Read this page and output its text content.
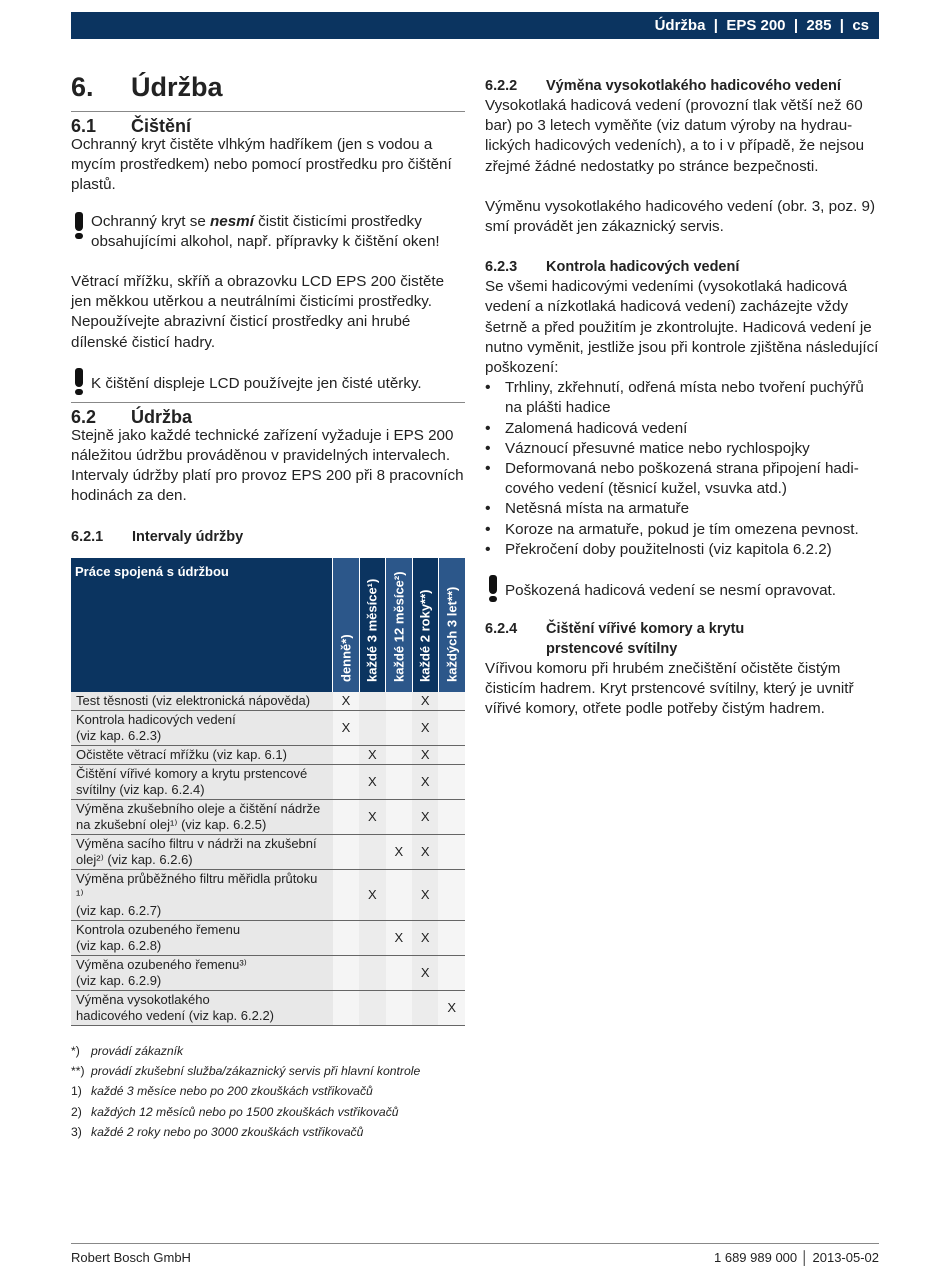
Údržba | EPS 200 | 285 | cs
6.	Údržba
6.1	Čištění

Ochranný kryt čistěte vlhkým hadříkem (jen s vodou a mycím prostředkem) nebo pomocí prostředku pro čištění plastů.

Ochranný kryt se nesmí čistit čisticími prostředky obsahujícími alkohol, např. přípravky k čištění oken!

Větrací mřížku, skříň a obrazovku LCD EPS 200 čistěte jen měkkou utěrkou a neutrálními čisticími prostředky. Nepoužívejte abrazivní čisticí prostředky ani hrubé dílenské čisticí hadry.

K čištění displeje LCD používejte jen čisté utěrky.

6.2	Údržba

Stejně jako každé technické zařízení vyžaduje i EPS 200 náležitou údržbu prováděnou v pravidelných intervalech. Intervaly údržby platí pro provoz EPS 200 při 8 pracovních hodinách za den.

6.2.1	Intervaly údržby
Práce spojená s údržbou	denně*)	každé 3 měsíce¹)	každé 12 měsíce²)	každé 2 roky**)	každých 3 let**)

Test těsnosti (viz elektronická nápověda)	X			X	
Kontrola hadicových vedení
(viz kap. 6.2.3)	X			X	
Očistěte větrací mřížku (viz kap. 6.1)		X		X	
Čištění vířivé komory a krytu prstencové svítilny (viz kap. 6.2.4)		X		X	
Výměna zkušebního oleje a čištění nádrže na zkušební olej¹⁾ (viz kap. 6.2.5)		X		X	
Výměna sacího filtru v nádrži na zkušební olej²⁾ (viz kap. 6.2.6)			X	X	
Výměna průběžného filtru měřidla průtoku ¹⁾
(viz kap. 6.2.7)		X		X	
Kontrola ozubeného řemenu
(viz kap. 6.2.8)			X	X	
Výměna ozubeného řemenu³⁾
(viz kap. 6.2.9)				X	
Výměna vysokotlakého
hadicového vedení (viz kap. 6.2.2)					X
*) provádí zákazník
**) provádí zkušební služba/zákaznický servis při hlavní kontrole
1) každé 3 měsíce nebo po 200 zkouškách vstřikovačů
2) každých 12 měsíců nebo po 1500 zkouškách vstřikovačů
3) každé 2 roky nebo po 3000 zkouškách vstřikovačů
6.2.2	Výměna vysokotlakého hadicového vedení

Vysokotlaká hadicová vedení (provozní tlak větší než 60 bar) po 3 letech vyměňte (viz datum výroby na hydraulických hadicových vedeních), a to i v případě, že nejsou zřejmé žádné nedostatky po stránce bezpečnosti.

Výměnu vysokotlakého hadicového vedení (obr. 3, poz. 9) smí provádět jen zákaznický servis.

6.2.3	Kontrola hadicových vedení

Se všemi hadicovými vedeními (vysokotlaká hadicová vedení a nízkotlaká hadicová vedení) zacházejte vždy šetrně a před použitím je zkontrolujte. Hadicová vedení je nutno vyměnit, jestliže jsou při kontrole zjištěna následující poškození:

• Trhliny, zkřehnutí, odřená místa nebo tvoření puchýřů na plášti hadice
• Zalomená hadicová vedení
• Váznoucí přesuvné matice nebo rychlospojky
• Deformovaná nebo poškozená strana připojení hadicového vedení (těsnicí kužel, vsuvka atd.)
• Netěsná místa na armatuře
• Koroze na armatuře, pokud je tím omezena pevnost.
• Překročení doby použitelnosti (viz kapitola 6.2.2)

Poškozená hadicová vedení se nesmí opravovat.

6.2.4	Čištění vířivé komory a krytu
prstencové svítilny

Vířivou komoru při hrubém znečištění očistěte čistým čisticím hadrem. Kryt prstencové svítilny, který je uvnitř vířivé komory, otřete podle potřeby čistým hadrem.

Robert Bosch GmbH	1 689 989 000 │ 2013-05-02
